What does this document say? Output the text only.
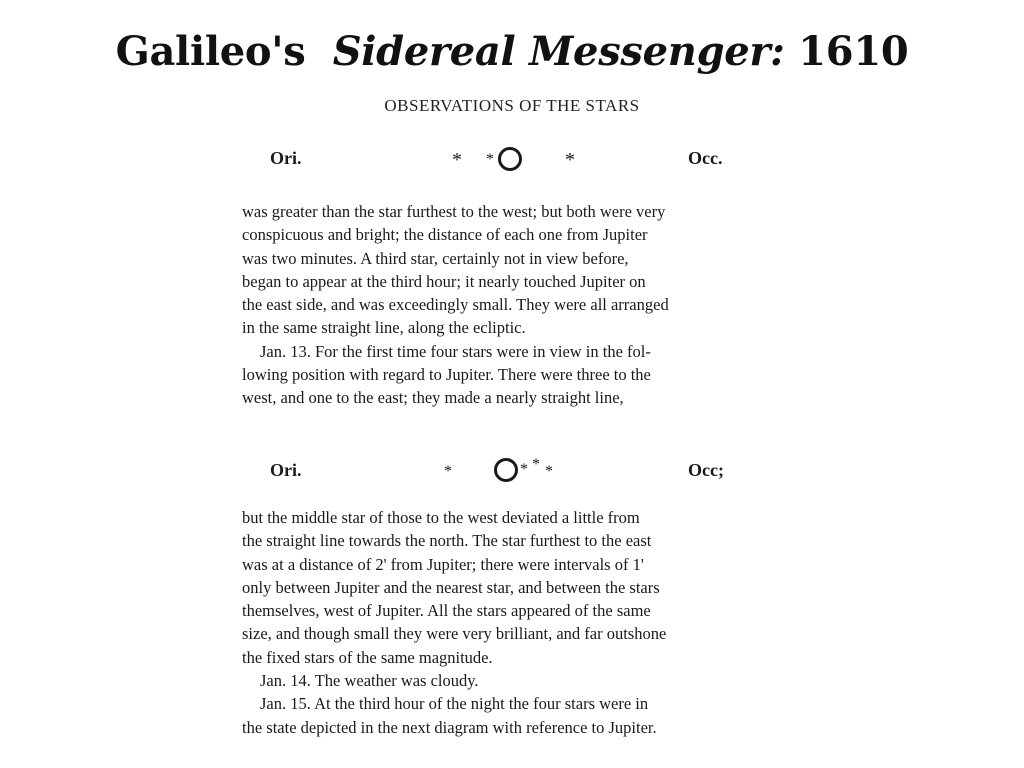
Galileo's Sidereal Messenger: 1610
OBSERVATIONS OF THE STARS
Ori.	* *	*	Occ.
was greater than the star furthest to the west; but both were very
conspicuous and bright; the distance of each one from Jupiter
was two minutes. A third star, certainly not in view before,
began to appear at the third hour; it nearly touched Jupiter on
the east side, and was exceedingly small. They were all arranged
in the same straight line, along the ecliptic.
Jan. 13. For the first time four stars were in view in the fol-
lowing position with regard to Jupiter. There were three to the
west, and one to the east; they made a nearly straight line,
Ori.	*	* * *	Occ;
but the middle star of those to the west deviated a little from
the straight line towards the north. The star furthest to the east
was at a distance of 2' from Jupiter; there were intervals of 1'
only between Jupiter and the nearest star, and between the stars
themselves, west of Jupiter. All the stars appeared of the same
size, and though small they were very brilliant, and far outshone
the fixed stars of the same magnitude.
Jan. 14. The weather was cloudy.
Jan. 15. At the third hour of the night the four stars were in
the state depicted in the next diagram with reference to Jupiter.
